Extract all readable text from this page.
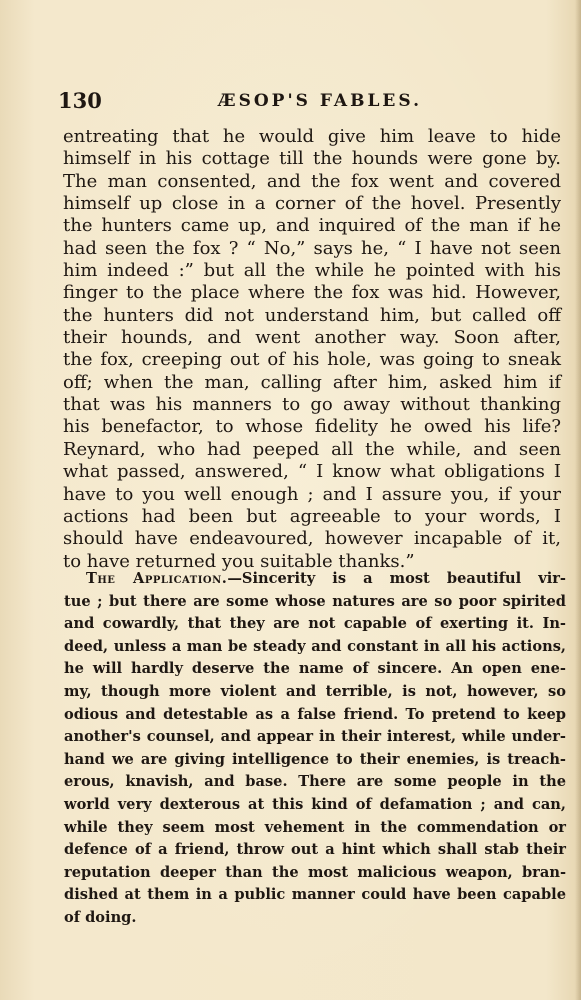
130	ÆSOP'S FABLES.
entreating that he would give him leave to hide
himself in his cottage till the hounds were gone by.
The man consented, and the fox went and covered
himself up close in a corner of the hovel. Presently
the hunters came up, and inquired of the man if he
had seen the fox ? “ No,” says he, “ I have not seen
him indeed :” but all the while he pointed with his
finger to the place where the fox was hid. However,
the hunters did not understand him, but called off
their hounds, and went another way. Soon after,
the fox, creeping out of his hole, was going to sneak
off; when the man, calling after him, asked him if
that was his manners to go away without thanking
his benefactor, to whose fidelity he owed his life?
Reynard, who had peeped all the while, and seen
what passed, answered, “ I know what obligations I
have to you well enough ; and I assure you, if your
actions had been but agreeable to your words, I
should have endeavoured, however incapable of it,
to have returned you suitable thanks.”
The Application.—Sincerity is a most beautiful vir-
tue ; but there are some whose natures are so poor spirited
and cowardly, that they are not capable of exerting it. In-
deed, unless a man be steady and constant in all his actions,
he will hardly deserve the name of sincere. An open ene-
my, though more violent and terrible, is not, however, so
odious and detestable as a false friend. To pretend to keep
another's counsel, and appear in their interest, while under-
hand we are giving intelligence to their enemies, is treach-
erous, knavish, and base. There are some people in the
world very dexterous at this kind of defamation ; and can,
while they seem most vehement in the commendation or
defence of a friend, throw out a hint which shall stab their
reputation deeper than the most malicious weapon, bran-
dished at them in a public manner could have been capable
of doing.
